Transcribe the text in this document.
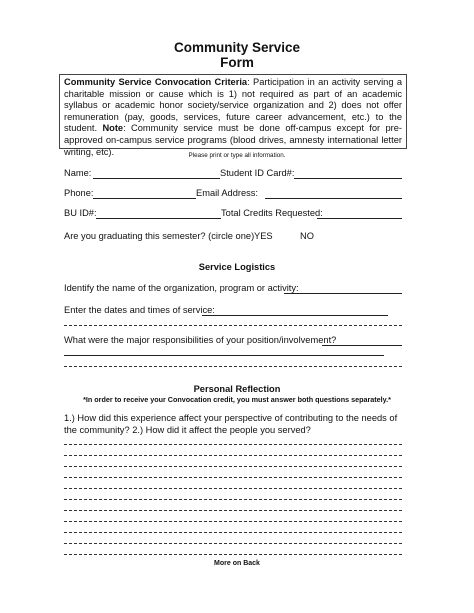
Community Service
Form
Community Service Convocation Criteria: Participation in an activity serving a charitable mission or cause which is 1) not required as part of an academic syllabus or academic honor society/service organization and 2) does not offer remuneration (pay, goods, services, future career advancement, etc.) to the student. Note: Community service must be done off-campus except for pre-approved on-campus service programs (blood drives, amnesty international letter writing, etc).	Please print or type all information.
Name:	Student ID Card#:
Phone:	Email Address:
BU ID#:	Total Credits Requested:
Are you graduating this semester? (circle one) YES	NO
Service Logistics
Identify the name of the organization, program or activity:
Enter the dates and times of service:
What were the major responsibilities of your position/involvement?
Personal Reflection
*In order to receive your Convocation credit, you must answer both questions separately.*
1.) How did this experience affect your perspective of contributing to the needs of the community? 2.) How did it affect the people you served?
More on Back
